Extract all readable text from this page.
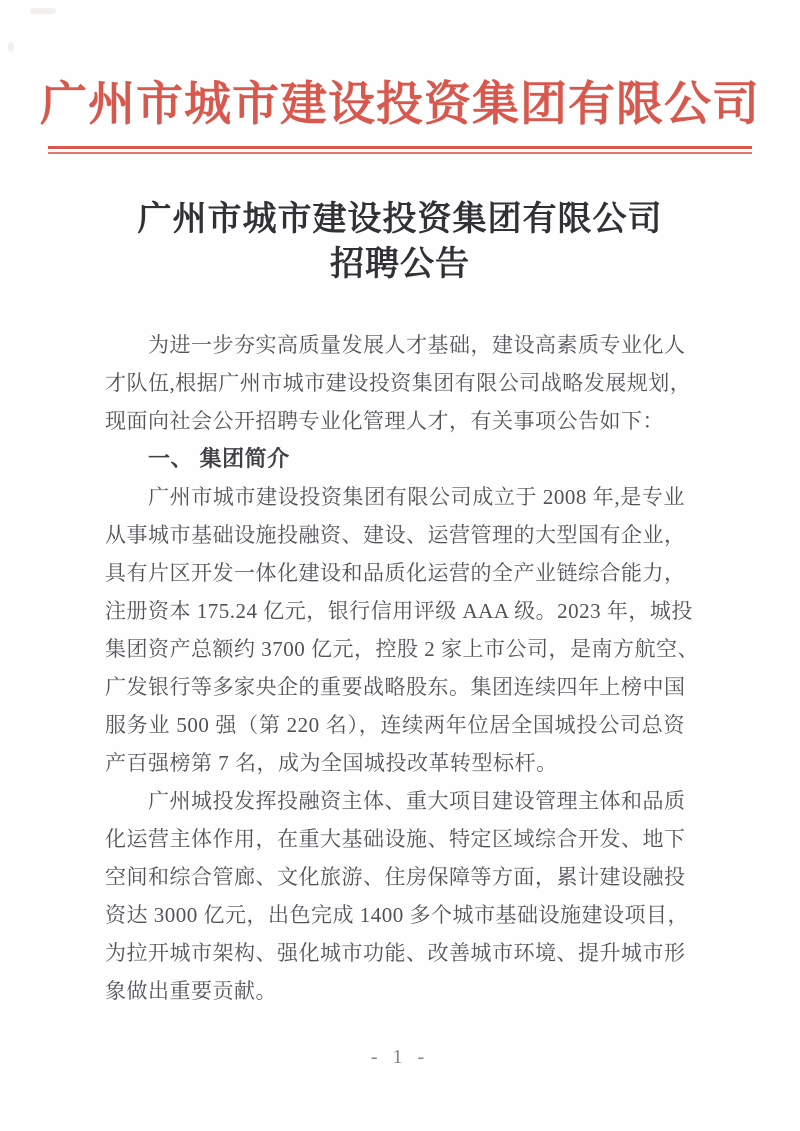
广州市城市建设投资集团有限公司
广州市城市建设投资集团有限公司
招聘公告
为进一步夯实高质量发展人才基础，建设高素质专业化人
才队伍,根据广州市城市建设投资集团有限公司战略发展规划，
现面向社会公开招聘专业化管理人才，有关事项公告如下：
一、 集团简介
广州市城市建设投资集团有限公司成立于 2008 年,是专业
从事城市基础设施投融资、建设、运营管理的大型国有企业，
具有片区开发一体化建设和品质化运营的全产业链综合能力，
注册资本 175.24 亿元，银行信用评级 AAA 级。2023 年，城投
集团资产总额约 3700 亿元，控股 2 家上市公司，是南方航空、
广发银行等多家央企的重要战略股东。集团连续四年上榜中国
服务业 500 强（第 220 名），连续两年位居全国城投公司总资
产百强榜第 7 名，成为全国城投改革转型标杆。
广州城投发挥投融资主体、重大项目建设管理主体和品质
化运营主体作用，在重大基础设施、特定区域综合开发、地下
空间和综合管廊、文化旅游、住房保障等方面，累计建设融投
资达 3000 亿元，出色完成 1400 多个城市基础设施建设项目，
为拉开城市架构、强化城市功能、改善城市环境、提升城市形
象做出重要贡献。
- 1 -
